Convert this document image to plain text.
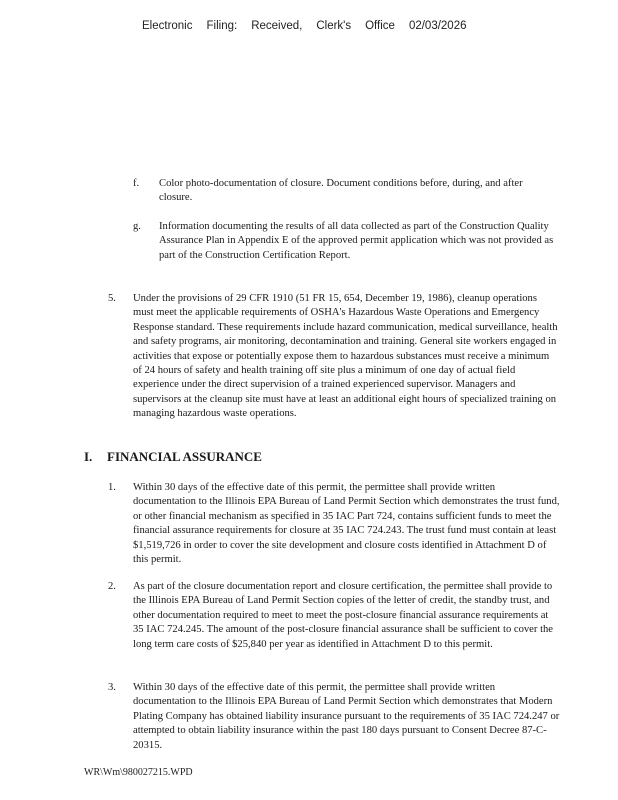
Electronic Filing: Received, Clerk's Office 02/03/2026
f. Color photo-documentation of closure. Document conditions before, during, and after closure.
g. Information documenting the results of all data collected as part of the Construction Quality Assurance Plan in Appendix E of the approved permit application which was not provided as part of the Construction Certification Report.
5. Under the provisions of 29 CFR 1910 (51 FR 15, 654, December 19, 1986), cleanup operations must meet the applicable requirements of OSHA's Hazardous Waste Operations and Emergency Response standard. These requirements include hazard communication, medical surveillance, health and safety programs, air monitoring, decontamination and training. General site workers engaged in activities that expose or potentially expose them to hazardous substances must receive a minimum of 24 hours of safety and health training off site plus a minimum of one day of actual field experience under the direct supervision of a trained experienced supervisor. Managers and supervisors at the cleanup site must have at least an additional eight hours of specialized training on managing hazardous waste operations.
I. FINANCIAL ASSURANCE
1. Within 30 days of the effective date of this permit, the permittee shall provide written documentation to the Illinois EPA Bureau of Land Permit Section which demonstrates the trust fund, or other financial mechanism as specified in 35 IAC Part 724, contains sufficient funds to meet the financial assurance requirements for closure at 35 IAC 724.243. The trust fund must contain at least $1,519,726 in order to cover the site development and closure costs identified in Attachment D of this permit.
2. As part of the closure documentation report and closure certification, the permittee shall provide to the Illinois EPA Bureau of Land Permit Section copies of the letter of credit, the standby trust, and other documentation required to meet to meet the post-closure financial assurance requirements at 35 IAC 724.245. The amount of the post-closure financial assurance shall be sufficient to cover the long term care costs of $25,840 per year as identified in Attachment D to this permit.
3. Within 30 days of the effective date of this permit, the permittee shall provide written documentation to the Illinois EPA Bureau of Land Permit Section which demonstrates that Modern Plating Company has obtained liability insurance pursuant to the requirements of 35 IAC 724.247 or attempted to obtain liability insurance within the past 180 days pursuant to Consent Decree 87-C-20315.
WR\Wm\980027215.WPD
